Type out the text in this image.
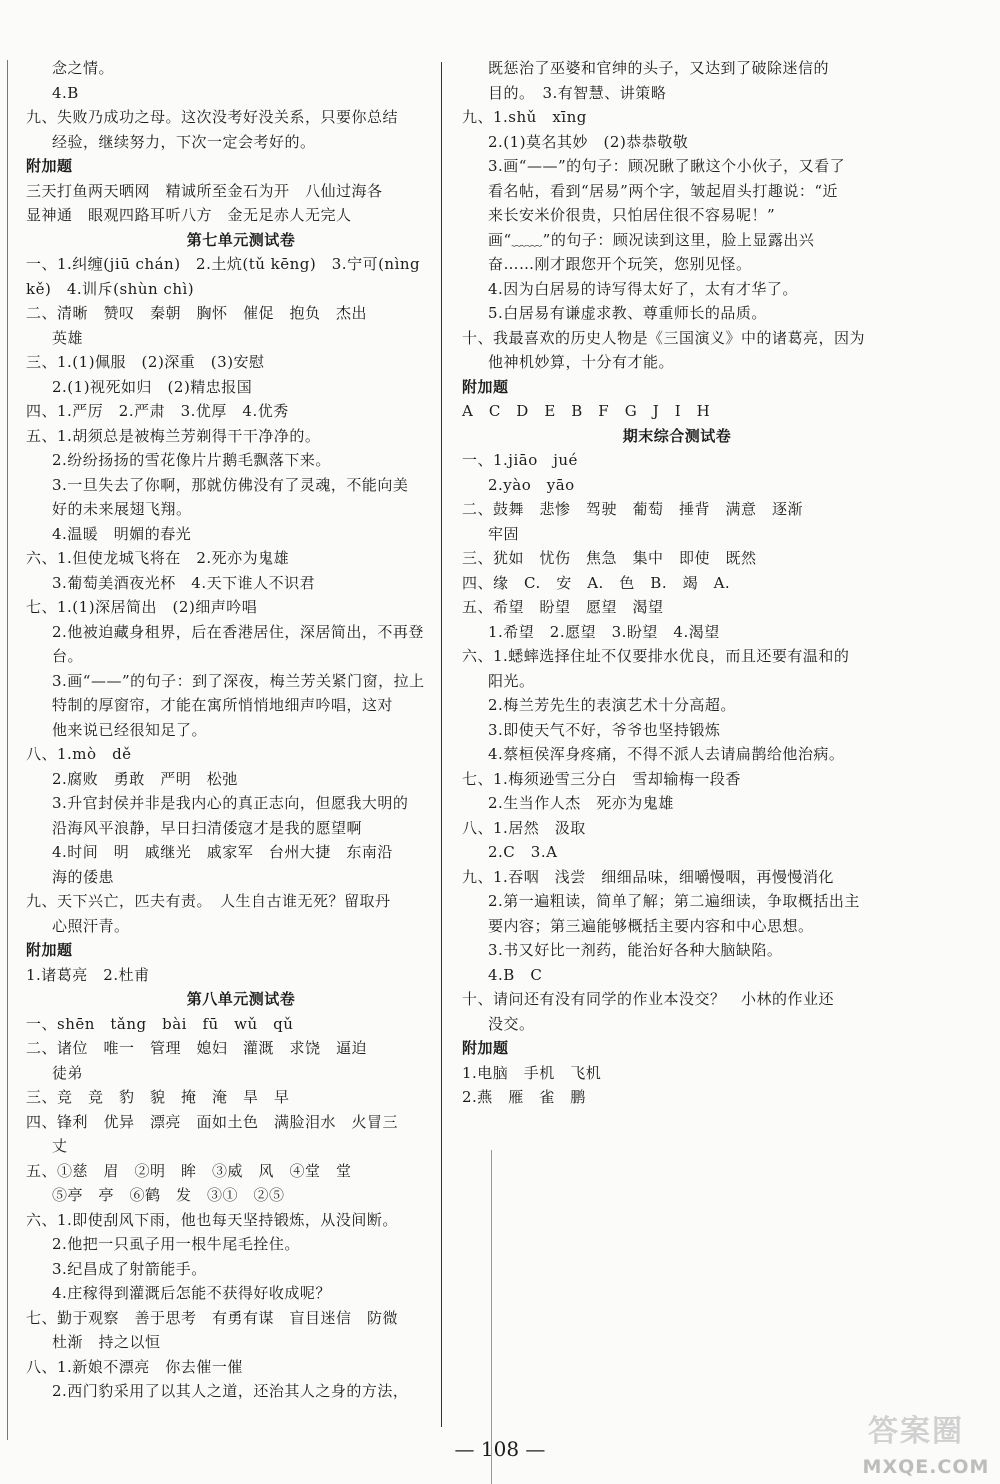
念之情。
4.B
九、失败乃成功之母。这次没考好没关系，只要你总结
经验，继续努力，下次一定会考好的。
附加题
三天打鱼两天晒网　精诚所至金石为开　八仙过海各
显神通　眼观四路耳听八方　金无足赤人无完人
第七单元测试卷
一、1.纠缠(jiū chán)　2.土炕(tǔ kēng)　3.宁可(nìng
kě)　4.训斥(shùn chì)
二、清晰　赞叹　秦朝　胸怀　催促　抱负　杰出
英雄
三、1.(1)佩服　(2)深重　(3)安慰
2.(1)视死如归　(2)精忠报国
四、1.严厉　2.严肃　3.优厚　4.优秀
五、1.胡须总是被梅兰芳剃得干干净净的。
2.纷纷扬扬的雪花像片片鹅毛飘落下来。
3.一旦失去了你啊，那就仿佛没有了灵魂，不能向美
好的未来展翅飞翔。
4.温暖　明媚的春光
六、1.但使龙城飞将在　2.死亦为鬼雄
3.葡萄美酒夜光杯　4.天下谁人不识君
七、1.(1)深居简出　(2)细声吟唱
2.他被迫藏身租界，后在香港居住，深居简出，不再登
台。
3.画“——”的句子：到了深夜，梅兰芳关紧门窗，拉上
特制的厚窗帘，才能在寓所悄悄地细声吟唱，这对
他来说已经很知足了。
八、1.mò　dě
2.腐败　勇敢　严明　松弛
3.升官封侯并非是我内心的真正志向，但愿我大明的
沿海风平浪静，早日扫清倭寇才是我的愿望啊
4.时间　明　戚继光　戚家军　台州大捷　东南沿
海的倭患
九、天下兴亡，匹夫有责。　人生自古谁无死？留取丹
心照汗青。
附加题
1.诸葛亮　2.杜甫
第八单元测试卷
一、shēn　tǎng　bài　fū　wǔ　qǔ
二、诸位　唯一　管理　媳妇　灌溉　求饶　逼迫
徒弟
三、竞　竞　豹　貌　掩　淹　旱　早
四、锋利　优异　漂亮　面如土色　满脸泪水　火冒三
丈
五、①慈　眉　②明　眸　③威　风　④堂　堂
⑤亭　亭　⑥鹤　发　③①　②⑤
六、1.即使刮风下雨，他也每天坚持锻炼，从没间断。
2.他把一只虱子用一根牛尾毛拴住。
3.纪昌成了射箭能手。
4.庄稼得到灌溉后怎能不获得好收成呢？
七、勤于观察　善于思考　有勇有谋　盲目迷信　防微
杜渐　持之以恒
八、1.新娘不漂亮　你去催一催
2.西门豹采用了以其人之道，还治其人之身的方法，
既惩治了巫婆和官绅的头子，又达到了破除迷信的
目的。　3.有智慧、讲策略
九、1.shǔ　xīng
2.(1)莫名其妙　(2)恭恭敬敬
3.画“——”的句子：顾况瞅了瞅这个小伙子，又看了
看名帖，看到“居易”两个字，皱起眉头打趣说：“近
来长安米价很贵，只怕居住很不容易呢！”
画“﹏﹏”的句子：顾况读到这里，脸上显露出兴
奋……刚才跟您开个玩笑，您别见怪。
4.因为白居易的诗写得太好了，太有才华了。
5.白居易有谦虚求教、尊重师长的品质。
十、我最喜欢的历史人物是《三国演义》中的诸葛亮，因为
他神机妙算，十分有才能。
附加题
A　C　D　E　B　F　G　J　I　H
期末综合测试卷
一、1.jiāo　jué
2.yào　yāo
二、鼓舞　悲惨　驾驶　葡萄　捶背　满意　逐渐
牢固
三、犹如　忧伤　焦急　集中　即使　既然
四、缘　C.　安　A.　色　B.　竭　A.
五、希望　盼望　愿望　渴望
1.希望　2.愿望　3.盼望　4.渴望
六、1.蟋蟀选择住址不仅要排水优良，而且还要有温和的
阳光。
2.梅兰芳先生的表演艺术十分高超。
3.即使天气不好，爷爷也坚持锻炼
4.蔡桓侯浑身疼痛，不得不派人去请扁鹊给他治病。
七、1.梅须逊雪三分白　雪却输梅一段香
2.生当作人杰　死亦为鬼雄
八、1.居然　汲取
2.C　3.A
九、1.吞咽　浅尝　细细品味，细嚼慢咽，再慢慢消化
2.第一遍粗读，简单了解；第二遍细读，争取概括出主
要内容；第三遍能够概括主要内容和中心思想。
3.书又好比一剂药，能治好各种大脑缺陷。
4.B　C
十、请问还有没有同学的作业本没交？　小林的作业还
没交。
附加题
1.电脑　手机　飞机
2.燕　雁　雀　鹏
— 108 —	答案圈
MXQE.COM
